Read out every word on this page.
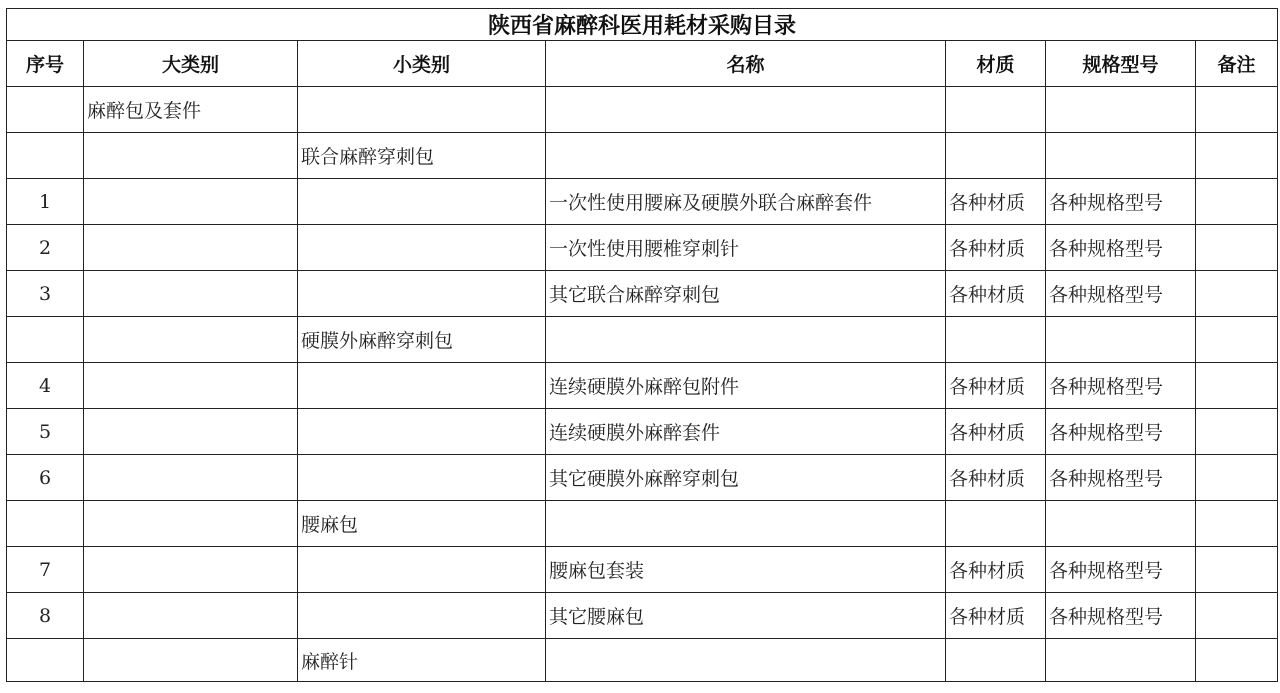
陕西省麻醉科医用耗材采购目录						
序号	大类别	小类别	名称	材质	规格型号	备注
	麻醉包及套件					
		联合麻醉穿刺包				
1			一次性使用腰麻及硬膜外联合麻醉套件	各种材质	各种规格型号	
2			一次性使用腰椎穿刺针	各种材质	各种规格型号	
3			其它联合麻醉穿刺包	各种材质	各种规格型号	
		硬膜外麻醉穿刺包				
4			连续硬膜外麻醉包附件	各种材质	各种规格型号	
5			连续硬膜外麻醉套件	各种材质	各种规格型号	
6			其它硬膜外麻醉穿刺包	各种材质	各种规格型号	
		腰麻包				
7			腰麻包套装	各种材质	各种规格型号	
8			其它腰麻包	各种材质	各种规格型号	
		麻醉针				
